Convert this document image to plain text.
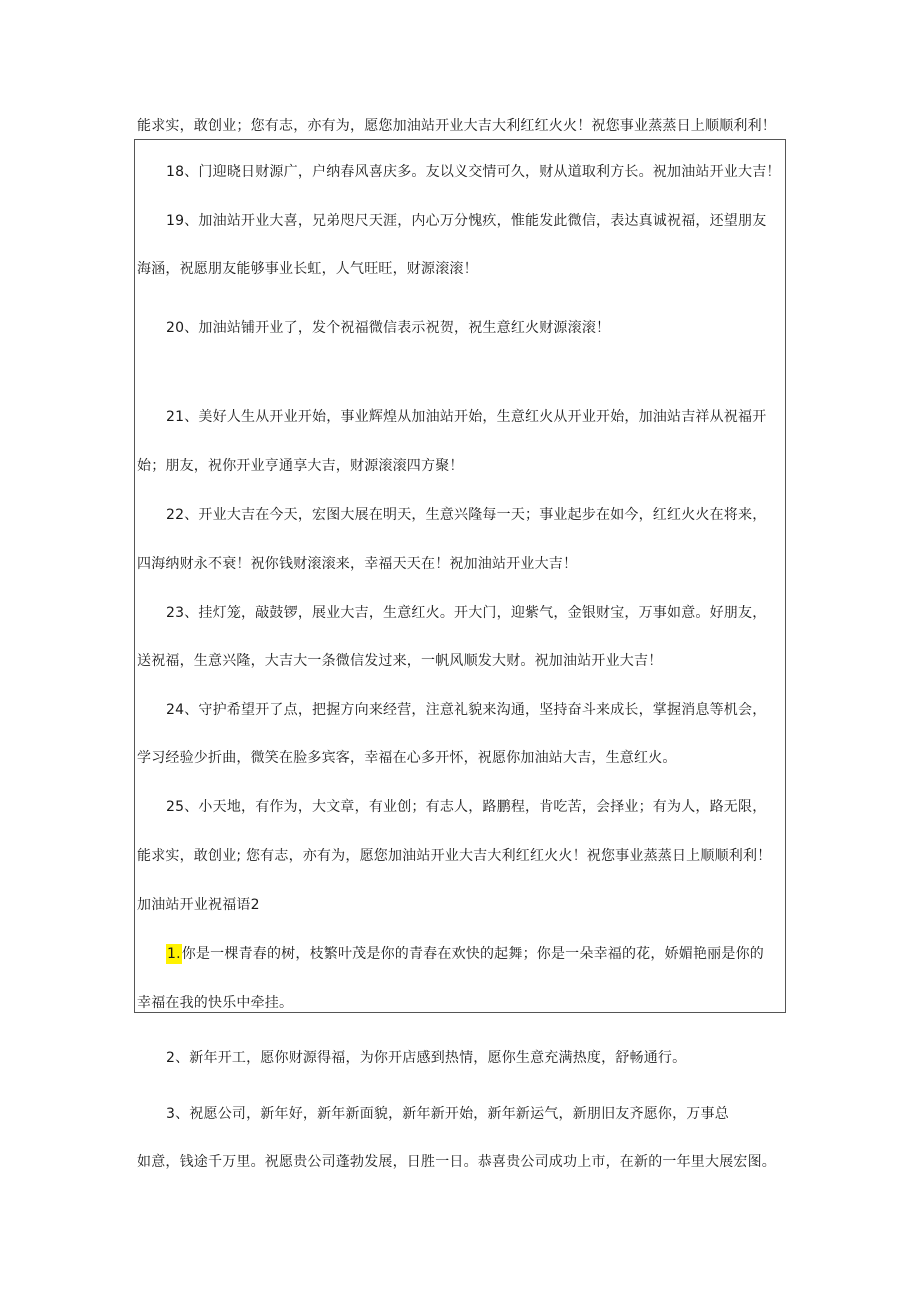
能求实，敢创业；您有志，亦有为，愿您加油站开业大吉大利红红火火！祝您事业蒸蒸日上顺顺利利！
18、门迎晓日财源广，户纳春风喜庆多。友以义交情可久，财从道取利方长。祝加油站开业大吉！
19、加油站开业大喜，兄弟咫尺天涯，内心万分愧疚，惟能发此微信，表达真诚祝福，还望朋友
海涵，祝愿朋友能够事业长虹，人气旺旺，财源滚滚！
20、加油站铺开业了，发个祝福微信表示祝贺，祝生意红火财源滚滚！
21、美好人生从开业开始，事业辉煌从加油站开始，生意红火从开业开始，加油站吉祥从祝福开
始；朋友，祝你开业亨通享大吉，财源滚滚四方聚！
22、开业大吉在今天，宏图大展在明天，生意兴隆每一天；事业起步在如今，红红火火在将来，
四海纳财永不衰！祝你钱财滚滚来，幸福天天在！祝加油站开业大吉！
23、挂灯笼，敲鼓锣，展业大吉，生意红火。开大门，迎紫气，金银财宝，万事如意。好朋友，
送祝福，生意兴隆，大吉大一条微信发过来，一帆风顺发大财。祝加油站开业大吉！
24、守护希望开了点，把握方向来经营，注意礼貌来沟通，坚持奋斗来成长，掌握消息等机会，
学习经验少折曲，微笑在脸多宾客，幸福在心多开怀，祝愿你加油站大吉，生意红火。
25、小天地，有作为，大文章，有业创；有志人，路鹏程，肯吃苦，会择业；有为人，路无限，
能求实，敢创业; 您有志，亦有为，愿您加油站开业大吉大利红红火火！祝您事业蒸蒸日上顺顺利利！
加油站开业祝福语2
1.你是一棵青春的树，枝繁叶茂是你的青春在欢快的起舞；你是一朵幸福的花，娇媚艳丽是你的
幸福在我的快乐中牵挂。
2、新年开工，愿你财源得福，为你开店感到热情，愿你生意充满热度，舒畅通行。
3、祝愿公司，新年好，新年新面貌，新年新开始，新年新运气，新朋旧友齐愿你，万事总
如意，钱途千万里。祝愿贵公司蓬勃发展，日胜一日。恭喜贵公司成功上市，在新的一年里大展宏图。
